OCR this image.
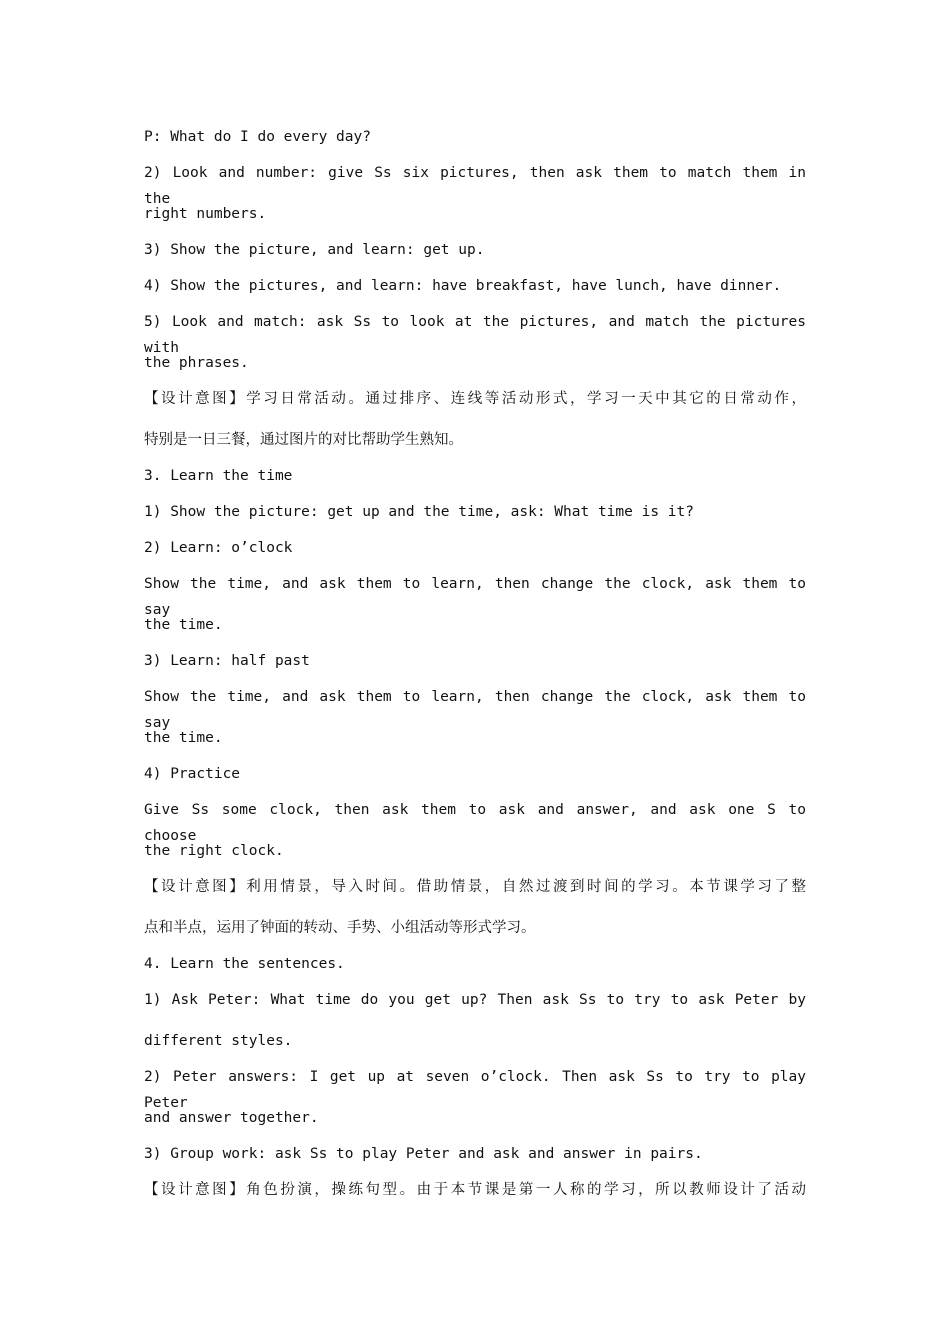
P: What do I do every day?
2) Look and number: give Ss six pictures, then ask them to match them in the
right numbers.
3) Show the picture, and learn: get up.
4) Show the pictures, and learn: have breakfast, have lunch, have dinner.
5) Look and match: ask Ss to look at the pictures, and match the pictures with
the phrases.
【设计意图】学习日常活动。通过排序、连线等活动形式，学习一天中其它的日常动作，
特别是一日三餐，通过图片的对比帮助学生熟知。
3. Learn the time
1) Show the picture: get up and the time, ask: What time is it?
2) Learn: o’clock
Show the time, and ask them to learn, then change the clock, ask them to say
the time.
3) Learn: half past
Show the time, and ask them to learn, then change the clock, ask them to say
the time.
4) Practice
Give Ss some clock, then ask them to ask and answer, and ask one S to choose
the right clock.
【设计意图】利用情景，导入时间。借助情景，自然过渡到时间的学习。本节课学习了整
点和半点，运用了钟面的转动、手势、小组活动等形式学习。
4. Learn the sentences.
1) Ask Peter: What time do you get up? Then ask Ss to try to ask Peter by
different styles.
2) Peter answers: I get up at seven o’clock. Then ask Ss to try to play Peter
and answer together.
3) Group work: ask Ss to play Peter and ask and answer in pairs.
【设计意图】角色扮演，操练句型。由于本节课是第一人称的学习，所以教师设计了活动
